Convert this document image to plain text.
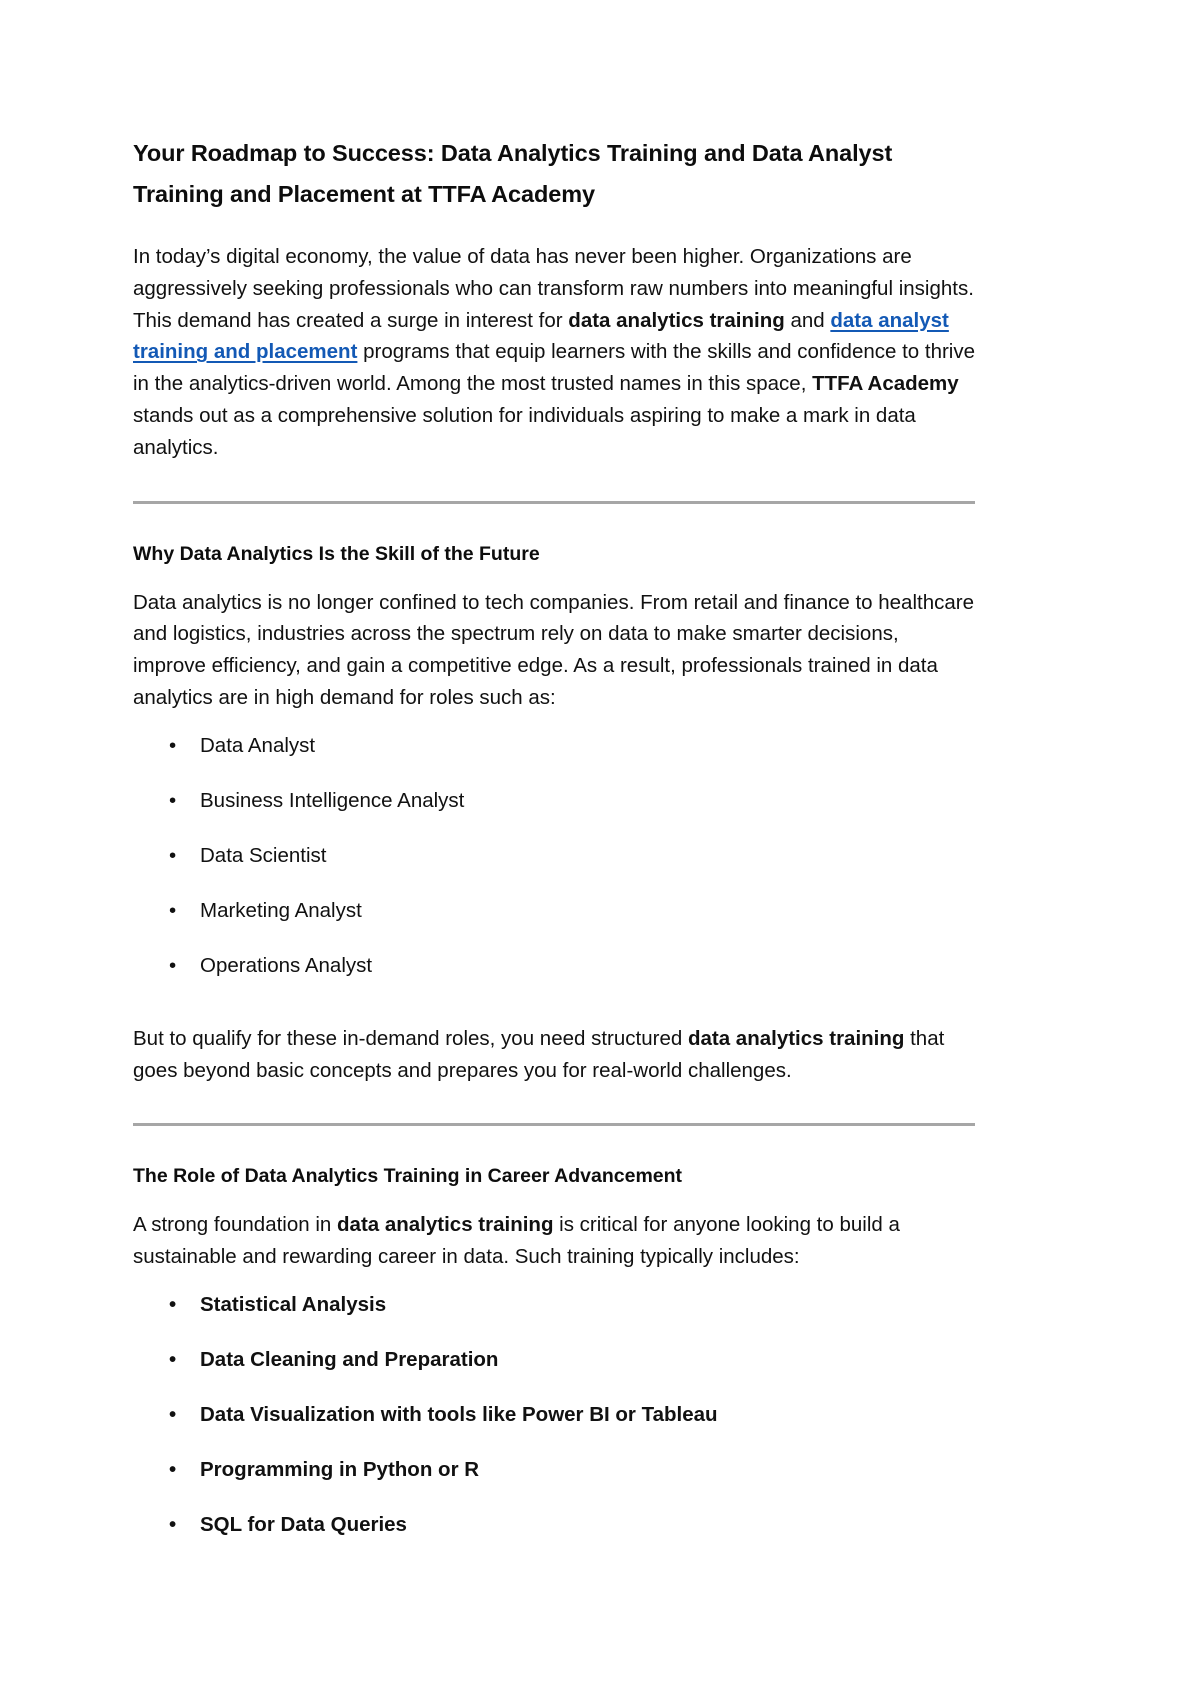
Your Roadmap to Success: Data Analytics Training and Data Analyst Training and Placement at TTFA Academy

In today’s digital economy, the value of data has never been higher. Organizations are aggressively seeking professionals who can transform raw numbers into meaningful insights. This demand has created a surge in interest for data analytics training and data analyst training and placement programs that equip learners with the skills and confidence to thrive in the analytics-driven world. Among the most trusted names in this space, TTFA Academy stands out as a comprehensive solution for individuals aspiring to make a mark in data analytics.

Why Data Analytics Is the Skill of the Future

Data analytics is no longer confined to tech companies. From retail and finance to healthcare and logistics, industries across the spectrum rely on data to make smarter decisions, improve efficiency, and gain a competitive edge. As a result, professionals trained in data analytics are in high demand for roles such as:

• Data Analyst
• Business Intelligence Analyst
• Data Scientist
• Marketing Analyst
• Operations Analyst

But to qualify for these in-demand roles, you need structured data analytics training that goes beyond basic concepts and prepares you for real-world challenges.

The Role of Data Analytics Training in Career Advancement

A strong foundation in data analytics training is critical for anyone looking to build a sustainable and rewarding career in data. Such training typically includes:

• Statistical Analysis
• Data Cleaning and Preparation
• Data Visualization with tools like Power BI or Tableau
• Programming in Python or R
• SQL for Data Queries
